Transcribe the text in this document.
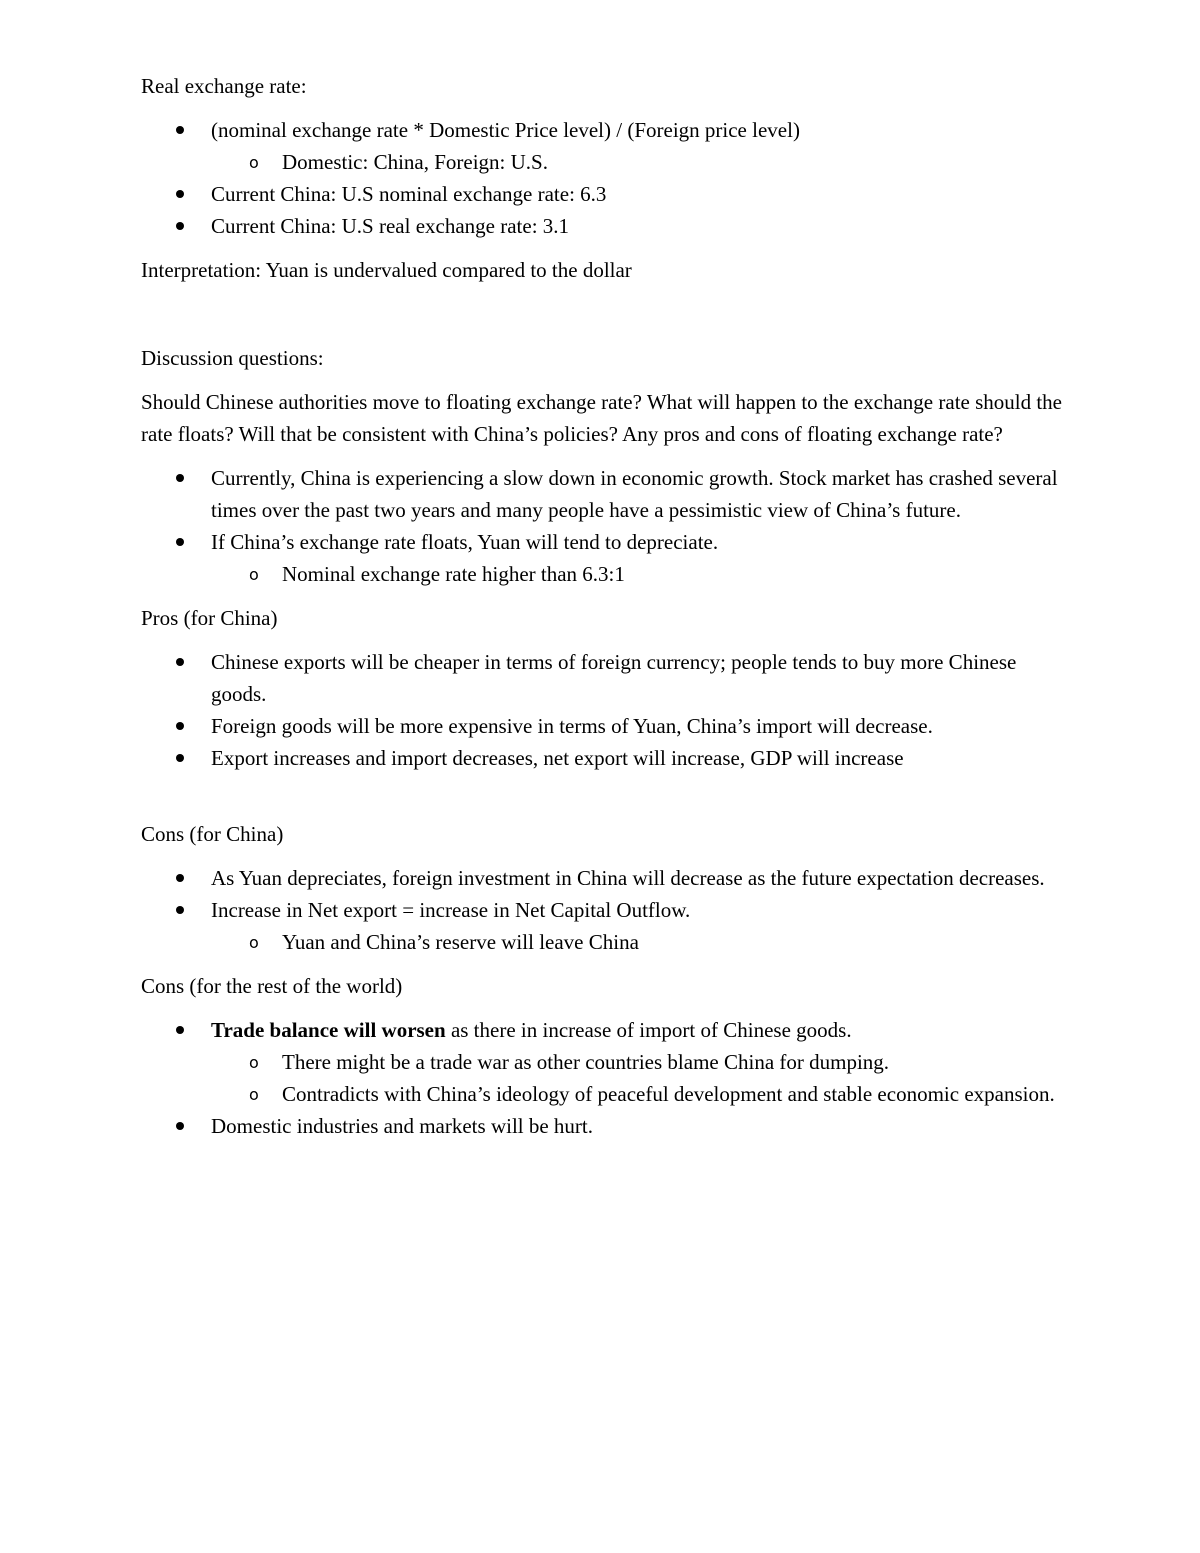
Real exchange rate:
(nominal exchange rate * Domestic Price level) / (Foreign price level)
o Domestic: China, Foreign: U.S.
Current China: U.S nominal exchange rate: 6.3
Current China: U.S real exchange rate: 3.1
Interpretation: Yuan is undervalued compared to the dollar
Discussion questions:
Should Chinese authorities move to floating exchange rate? What will happen to the exchange rate should the rate floats? Will that be consistent with China’s policies? Any pros and cons of floating exchange rate?
Currently, China is experiencing a slow down in economic growth. Stock market has crashed several times over the past two years and many people have a pessimistic view of China’s future.
If China’s exchange rate floats, Yuan will tend to depreciate.
o Nominal exchange rate higher than 6.3:1
Pros (for China)
Chinese exports will be cheaper in terms of foreign currency; people tends to buy more Chinese goods.
Foreign goods will be more expensive in terms of Yuan, China’s import will decrease.
Export increases and import decreases, net export will increase, GDP will increase
Cons (for China)
As Yuan depreciates, foreign investment in China will decrease as the future expectation decreases.
Increase in Net export = increase in Net Capital Outflow.
o Yuan and China’s reserve will leave China
Cons (for the rest of the world)
Trade balance will worsen as there in increase of import of Chinese goods.
o There might be a trade war as other countries blame China for dumping.
o Contradicts with China’s ideology of peaceful development and stable economic expansion.
Domestic industries and markets will be hurt.
